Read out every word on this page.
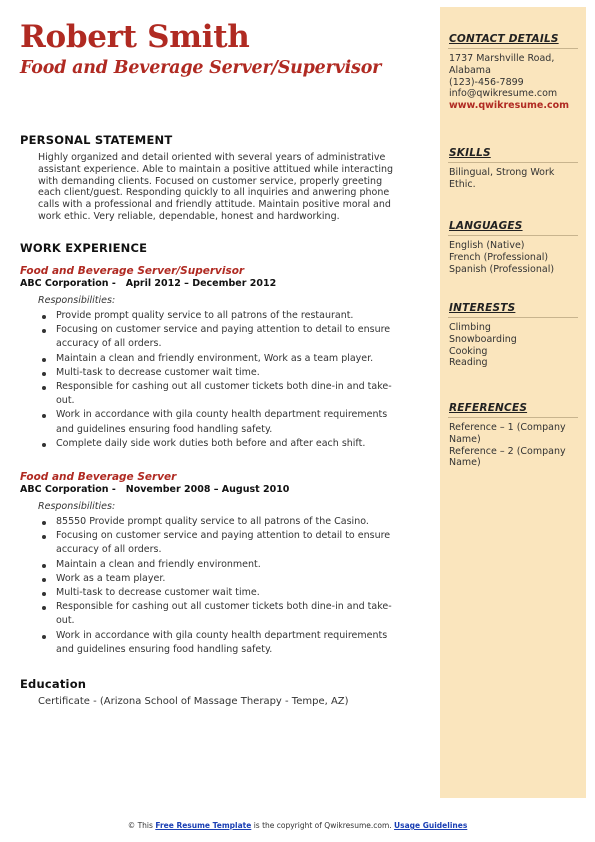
Robert Smith
Food and Beverage Server/Supervisor
PERSONAL STATEMENT
Highly organized and detail oriented with several years of administrative
assistant experience. Able to maintain a positive attitued while interacting
with demanding clients. Focused on customer service, properly greeting
each client/guest. Responding quickly to all inquiries and anwering phone
calls with a professional and friendly attitude. Maintain positive moral and
work ethic. Very reliable, dependable, honest and hardworking.
WORK EXPERIENCE
Food and Beverage Server/Supervisor
ABC Corporation -   April 2012 – December 2012
Responsibilities:
Provide prompt quality service to all patrons of the restaurant.
Focusing on customer service and paying attention to detail to ensure
accuracy of all orders.
Maintain a clean and friendly environment, Work as a team player.
Multi-task to decrease customer wait time.
Responsible for cashing out all customer tickets both dine-in and take-
out.
Work in accordance with gila county health department requirements
and guidelines ensuring food handling safety.
Complete daily side work duties both before and after each shift.
Food and Beverage Server
ABC Corporation -   November 2008 – August 2010
Responsibilities:
85550 Provide prompt quality service to all patrons of the Casino.
Focusing on customer service and paying attention to detail to ensure
accuracy of all orders.
Maintain a clean and friendly environment.
Work as a team player.
Multi-task to decrease customer wait time.
Responsible for cashing out all customer tickets both dine-in and take-
out.
Work in accordance with gila county health department requirements
and guidelines ensuring food handling safety.
Education
Certificate - (Arizona School of Massage Therapy - Tempe, AZ)
CONTACT DETAILS
1737 Marshville Road,
Alabama
(123)-456-7899
info@qwikresume.com
www.qwikresume.com
SKILLS
Bilingual, Strong Work
Ethic.
LANGUAGES
English (Native)
French (Professional)
Spanish (Professional)
INTERESTS
Climbing
Snowboarding
Cooking
Reading
REFERENCES
Reference – 1 (Company
Name)
Reference – 2 (Company
Name)
© This Free Resume Template is the copyright of Qwikresume.com. Usage Guidelines
